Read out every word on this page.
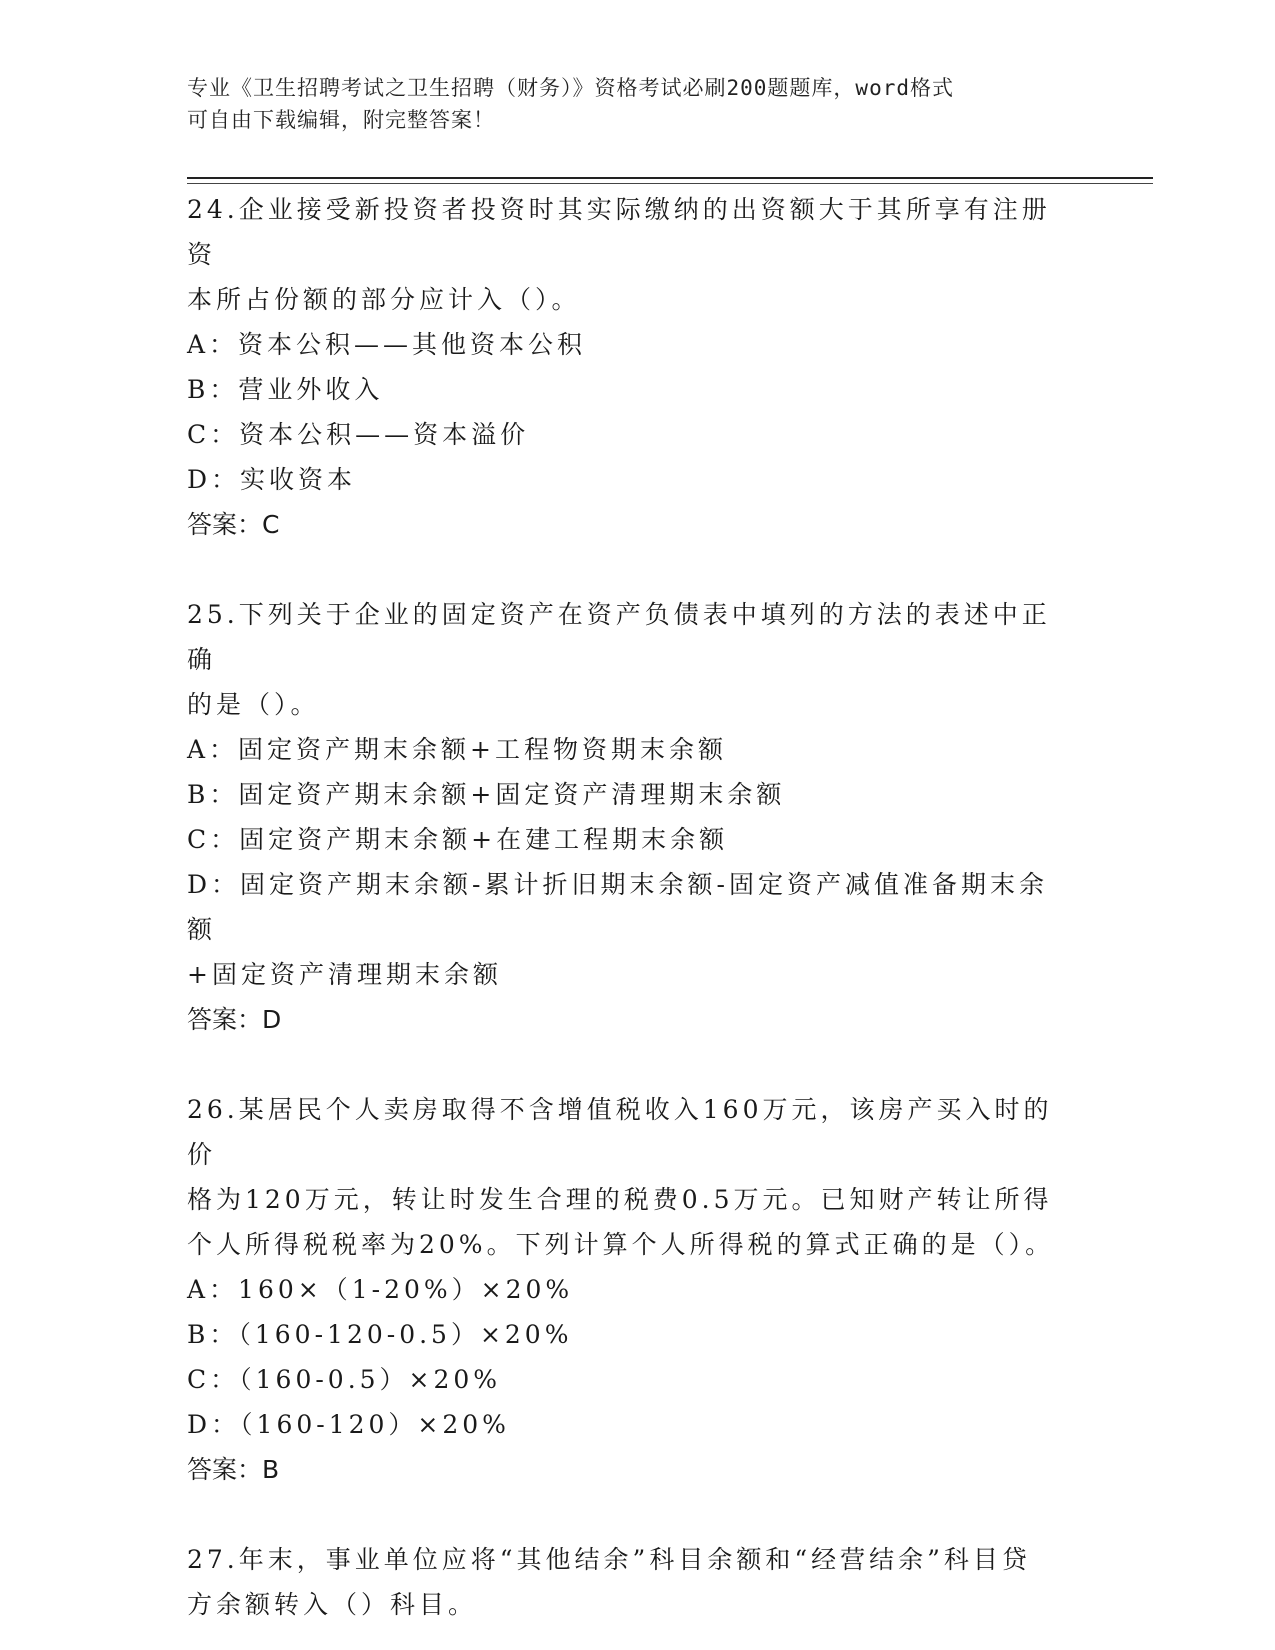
专业《卫生招聘考试之卫生招聘（财务）》资格考试必刷200题题库，word格式
可自由下载编辑，附完整答案！

24.企业接受新投资者投资时其实际缴纳的出资额大于其所享有注册资

本所占份额的部分应计入（）。

A：资本公积——其他资本公积

B：营业外收入

C：资本公积——资本溢价

D：实收资本

答案：C

25.下列关于企业的固定资产在资产负债表中填列的方法的表述中正确

的是（）。

A：固定资产期末余额+工程物资期末余额

B：固定资产期末余额+固定资产清理期末余额

C：固定资产期末余额+在建工程期末余额

D：固定资产期末余额-累计折旧期末余额-固定资产减值准备期末余额

+固定资产清理期末余额

答案：D

26.某居民个人卖房取得不含增值税收入160万元，该房产买入时的价

格为120万元，转让时发生合理的税费0.5万元。已知财产转让所得

个人所得税税率为20%。下列计算个人所得税的算式正确的是（）。

A：160×（1-20%）×20%

B：（160-120-0.5）×20%

C：（160-0.5）×20%

D：（160-120）×20%

答案：B

27.年末，事业单位应将“其他结余”科目余额和“经营结余”科目贷

方余额转入（）科目。
